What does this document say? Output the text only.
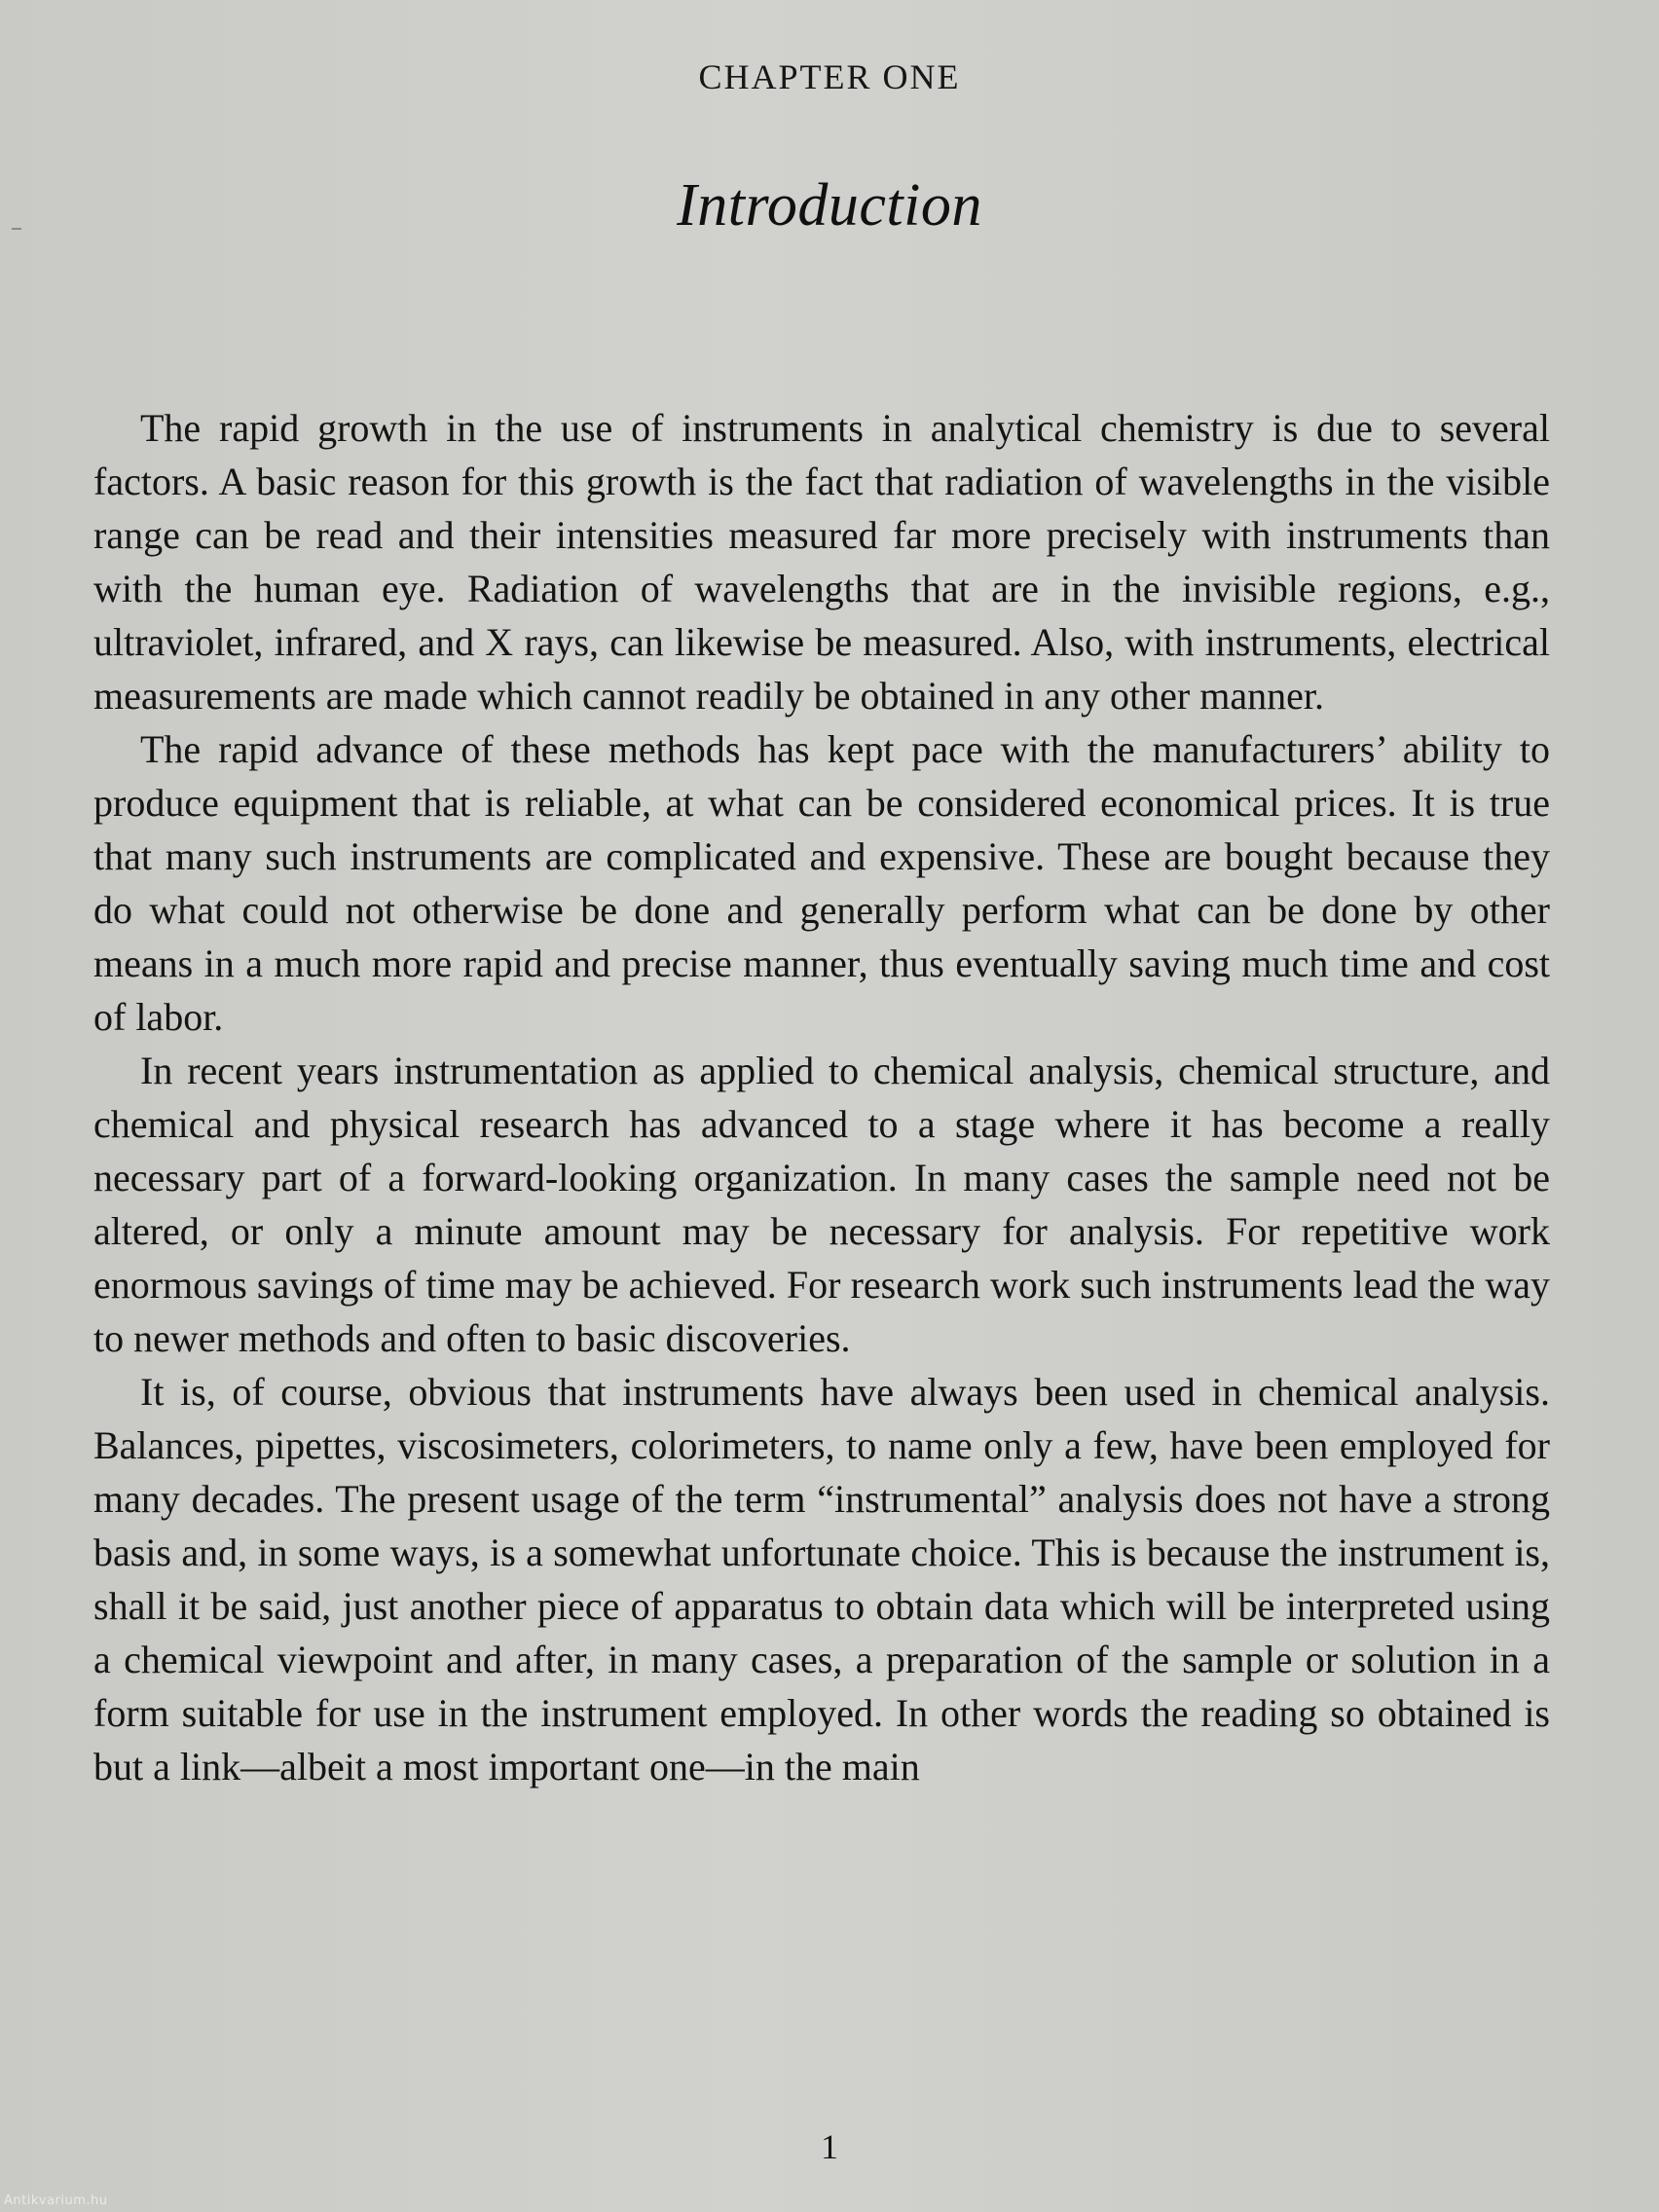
CHAPTER ONE
Introduction

The rapid growth in the use of instruments in analytical chemistry is due to several factors. A basic reason for this growth is the fact that radiation of wavelengths in the visible range can be read and their intensities measured far more precisely with instruments than with the human eye. Radiation of wavelengths that are in the invisible regions, e.g., ultraviolet, infrared, and X rays, can likewise be measured. Also, with instruments, electrical measurements are made which cannot readily be obtained in any other manner.

The rapid advance of these methods has kept pace with the manufacturers’ ability to produce equipment that is reliable, at what can be considered economical prices. It is true that many such instruments are complicated and expensive. These are bought because they do what could not otherwise be done and generally perform what can be done by other means in a much more rapid and precise manner, thus eventually saving much time and cost of labor.

In recent years instrumentation as applied to chemical analysis, chemical structure, and chemical and physical research has advanced to a stage where it has become a really necessary part of a forward-looking organization. In many cases the sample need not be altered, or only a minute amount may be necessary for analysis. For repetitive work enormous savings of time may be achieved. For research work such instruments lead the way to newer methods and often to basic discoveries.

It is, of course, obvious that instruments have always been used in chemical analysis. Balances, pipettes, viscosimeters, colorimeters, to name only a few, have been employed for many decades. The present usage of the term “instrumental” analysis does not have a strong basis and, in some ways, is a somewhat unfortunate choice. This is because the instrument is, shall it be said, just another piece of apparatus to obtain data which will be interpreted using a chemical viewpoint and after, in many cases, a preparation of the sample or solution in a form suitable for use in the instrument employed. In other words the reading so obtained is but a link—albeit a most important one—in the main

1
Antikvarium.hu
